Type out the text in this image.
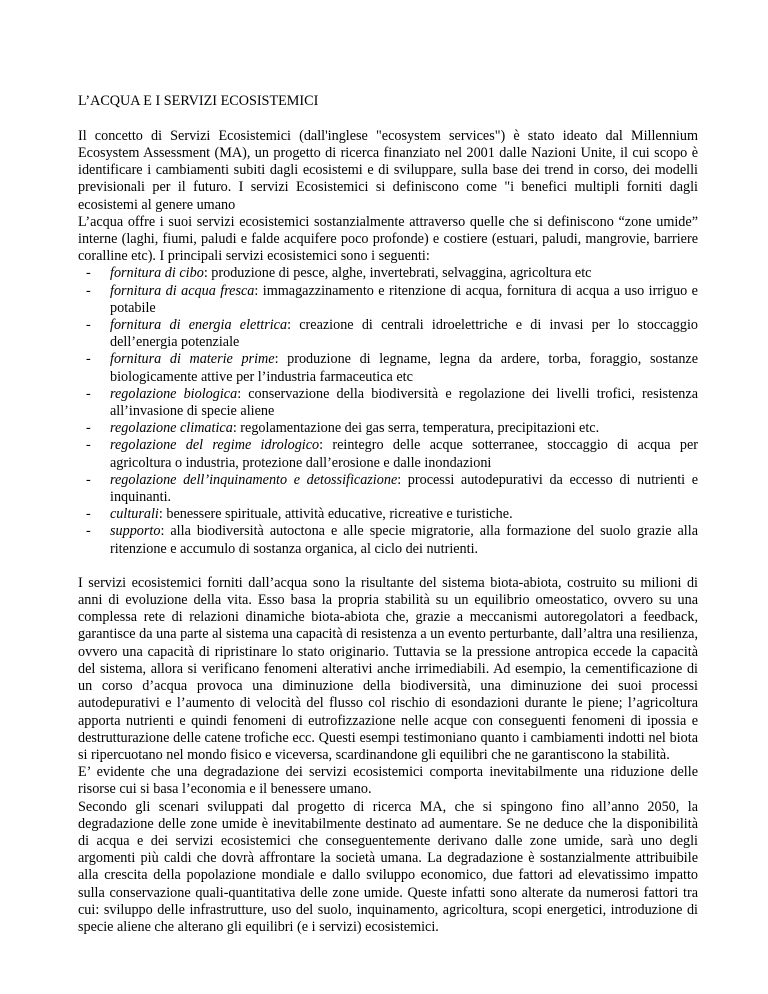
L’ACQUA E I SERVIZI ECOSISTEMICI

Il concetto di Servizi Ecosistemici (dall'inglese "ecosystem services") è stato ideato dal Millennium Ecosystem Assessment (MA), un progetto di ricerca finanziato nel 2001 dalle Nazioni Unite, il cui scopo è identificare i cambiamenti subiti dagli ecosistemi e di sviluppare, sulla base dei trend in corso, dei modelli previsionali per il futuro. I servizi Ecosistemici si definiscono come "i benefici multipli forniti dagli ecosistemi al genere umano

L’acqua offre i suoi servizi ecosistemici sostanzialmente attraverso quelle che si definiscono “zone umide” interne (laghi, fiumi, paludi e falde acquifere poco profonde) e costiere (estuari, paludi, mangrovie, barriere coralline etc). I principali servizi ecosistemici sono i seguenti:

- fornitura di cibo: produzione di pesce, alghe, invertebrati, selvaggina, agricoltura etc
- fornitura di acqua fresca: immagazzinamento e ritenzione di acqua, fornitura di acqua a uso irriguo e potabile
- fornitura di energia elettrica: creazione di centrali idroelettriche e di invasi per lo stoccaggio dell’energia potenziale
- fornitura di materie prime: produzione di legname, legna da ardere, torba, foraggio, sostanze biologicamente attive per l’industria farmaceutica etc
- regolazione biologica: conservazione della biodiversità e regolazione dei livelli trofici, resistenza all’invasione di specie aliene
- regolazione climatica: regolamentazione dei gas serra, temperatura, precipitazioni etc.
- regolazione del regime idrologico: reintegro delle acque sotterranee, stoccaggio di acqua per agricoltura o industria, protezione dall’erosione e dalle inondazioni
- regolazione dell’inquinamento e detossificazione: processi autodepurativi da eccesso di nutrienti e inquinanti.
- culturali: benessere spirituale, attività educative, ricreative e turistiche.
- supporto: alla biodiversità autoctona e alle specie migratorie, alla formazione del suolo grazie alla ritenzione e accumulo di sostanza organica, al ciclo dei nutrienti.

I servizi ecosistemici forniti dall’acqua sono la risultante del sistema biota-abiota, costruito su milioni di anni di evoluzione della vita. Esso basa la propria stabilità su un equilibrio omeostatico, ovvero su una complessa rete di relazioni dinamiche biota-abiota che, grazie a meccanismi autoregolatori a feedback, garantisce da una parte al sistema una capacità di resistenza a un evento perturbante, dall’altra una resilienza, ovvero una capacità di ripristinare lo stato originario. Tuttavia se la pressione antropica eccede la capacità del sistema, allora si verificano fenomeni alterativi anche irrimediabili. Ad esempio, la cementificazione di un corso d’acqua provoca una diminuzione della biodiversità, una diminuzione dei suoi processi autodepurativi e l’aumento di velocità del flusso col rischio di esondazioni durante le piene; l’agricoltura apporta nutrienti e quindi fenomeni di eutrofizzazione nelle acque con conseguenti fenomeni di ipossia e destrutturazione delle catene trofiche ecc. Questi esempi testimoniano quanto i cambiamenti indotti nel biota si ripercuotano nel mondo fisico e viceversa, scardinandone gli equilibri che ne garantiscono la stabilità.

E’ evidente che una degradazione dei servizi ecosistemici comporta inevitabilmente una riduzione delle risorse cui si basa l’economia e il benessere umano.

Secondo gli scenari sviluppati dal progetto di ricerca MA, che si spingono fino all’anno 2050, la degradazione delle zone umide è inevitabilmente destinato ad aumentare. Se ne deduce che la disponibilità di acqua e dei servizi ecosistemici che conseguentemente derivano dalle zone umide, sarà uno degli argomenti più caldi che dovrà affrontare la società umana. La degradazione è sostanzialmente attribuibile alla crescita della popolazione mondiale e dallo sviluppo economico, due fattori ad elevatissimo impatto sulla conservazione quali-quantitativa delle zone umide. Queste infatti sono alterate da numerosi fattori tra cui: sviluppo delle infrastrutture, uso del suolo, inquinamento, agricoltura, scopi energetici, introduzione di specie aliene che alterano gli equilibri (e i servizi) ecosistemici.
